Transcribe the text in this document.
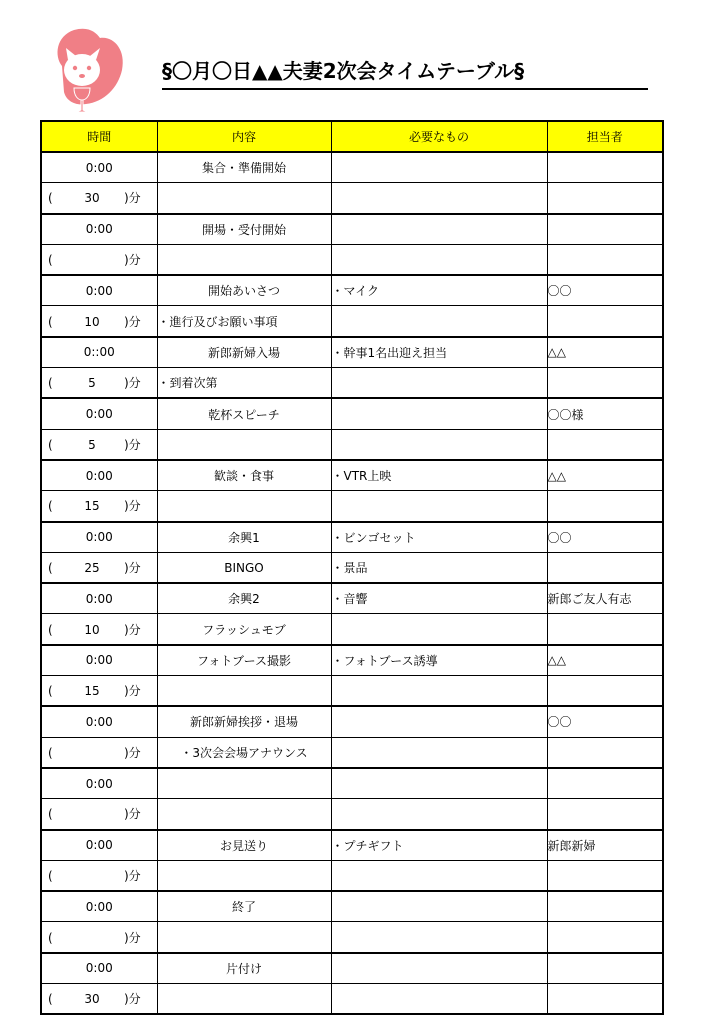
§〇月〇日▲▲夫妻2次会タイムテーブル§
時間	内容	必要なもの	担当者
0:00	集合・準備開始		
( 30 )分			
0:00	開場・受付開始		
( )分			
0:00	開始あいさつ	・マイク	〇〇
( 10 )分	・進行及びお願い事項		
0::00	新郎新婦入場	・幹事1名出迎え担当	△△
( 5 )分	・到着次第		
0:00	乾杯スピーチ		〇〇様
( 5 )分			
0:00	歓談・食事	・VTR上映	△△
( 15 )分			
0:00	余興1	・ビンゴセット	〇〇
( 25 )分	BINGO	・景品	
0:00	余興2	・音響	新郎ご友人有志
( 10 )分	フラッシュモブ		
0:00	フォトブース撮影	・フォトブース誘導	△△
( 15 )分			
0:00	新郎新婦挨拶・退場		〇〇
( )分	・3次会会場アナウンス		
0:00			
( )分			
0:00	お見送り	・プチギフト	新郎新婦
( )分			
0:00	終了		
( )分			
0:00	片付け		
( 30 )分			
